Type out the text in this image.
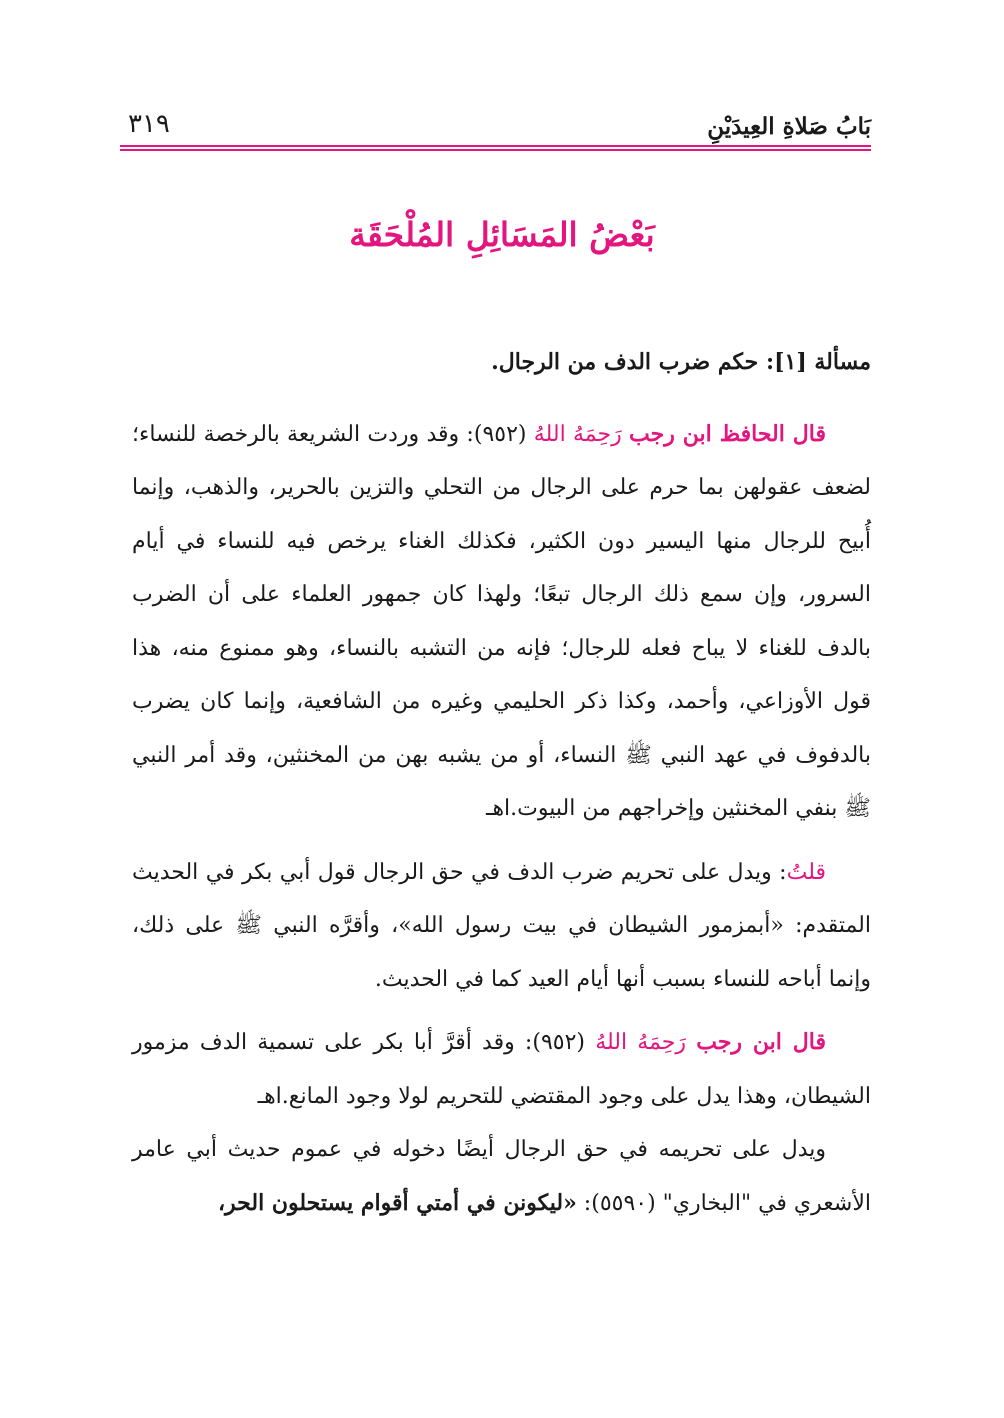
بَابُ صَلاةِ العِيدَيْنِ
٣١٩
بَعْضُ المَسَائِلِ المُلْحَقَة

مسألة [١]: حكم ضرب الدف من الرجال.

قال الحافظ ابن رجب رَحِمَهُ اللهُ (٩٥٢): وقد وردت الشريعة بالرخصة للنساء؛ لضعف عقولهن بما حرم على الرجال من التحلي والتزين بالحرير، والذهب، وإنما أُبيح للرجال منها اليسير دون الكثير، فكذلك الغناء يرخص فيه للنساء في أيام السرور، وإن سمع ذلك الرجال تبعًا؛ ولهذا كان جمهور العلماء على أن الضرب بالدف للغناء لا يباح فعله للرجال؛ فإنه من التشبه بالنساء، وهو ممنوع منه، هذا قول الأوزاعي، وأحمد، وكذا ذكر الحليمي وغيره من الشافعية، وإنما كان يضرب بالدفوف في عهد النبي ﷺ النساء، أو من يشبه بهن من المخنثين، وقد أمر النبي ﷺ بنفي المخنثين وإخراجهم من البيوت.اهـ

قلتُ: ويدل على تحريم ضرب الدف في حق الرجال قول أبي بكر في الحديث المتقدم: «أبمزمور الشيطان في بيت رسول الله»، وأقرَّه النبي ﷺ على ذلك، وإنما أباحه للنساء بسبب أنها أيام العيد كما في الحديث.

قال ابن رجب رَحِمَهُ اللهُ (٩٥٢): وقد أقرَّ أبا بكر على تسمية الدف مزمور الشيطان، وهذا يدل على وجود المقتضي للتحريم لولا وجود المانع.اهـ

ويدل على تحريمه في حق الرجال أيضًا دخوله في عموم حديث أبي عامر الأشعري في "البخاري" (٥٥٩٠): «ليكونن في أمتي أقوام يستحلون الحر،
